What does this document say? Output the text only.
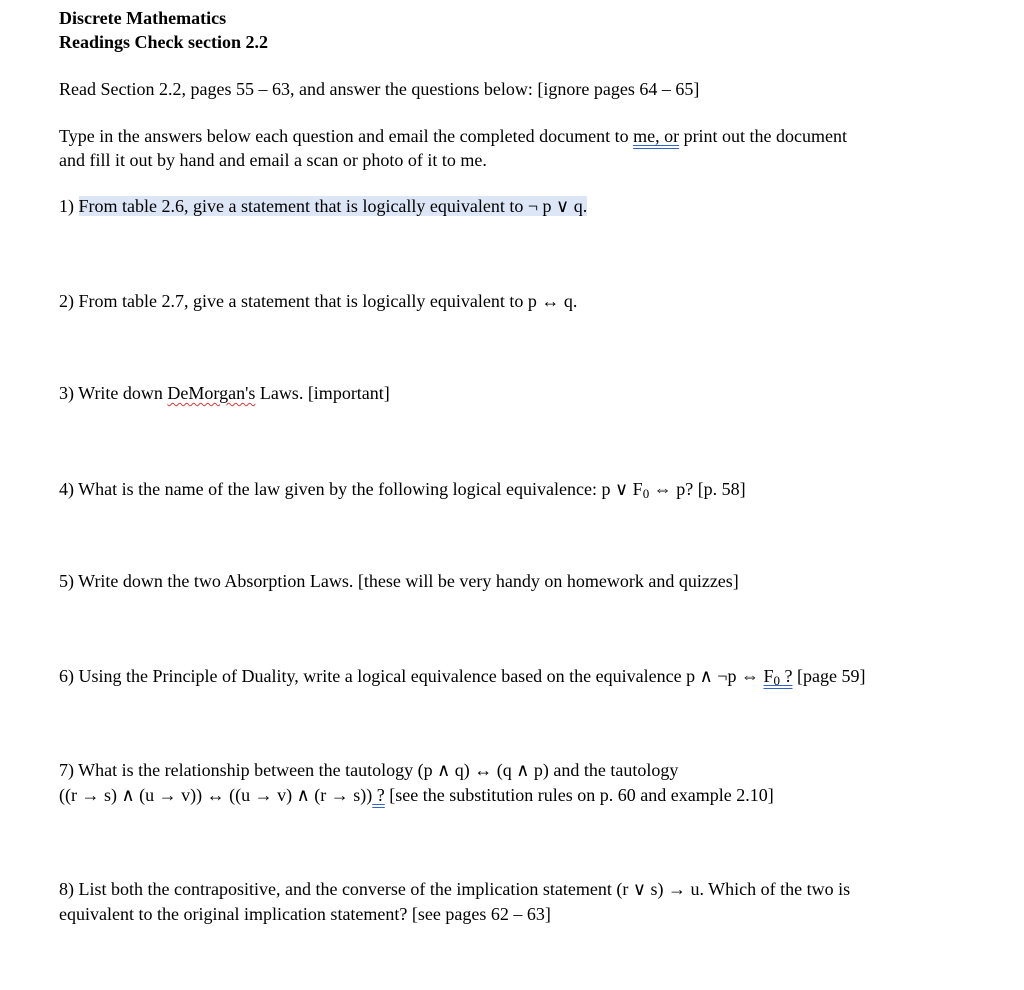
Discrete Mathematics
Readings Check section 2.2
Read Section 2.2, pages 55 – 63, and answer the questions below: [ignore pages 64 – 65]
Type in the answers below each question and email the completed document to me, or print out the document
and fill it out by hand and email a scan or photo of it to me.
1) From table 2.6, give a statement that is logically equivalent to ¬ p ∨ q.
2) From table 2.7, give a statement that is logically equivalent to p ↔ q.
3) Write down DeMorgan's Laws. [important]
4) What is the name of the law given by the following logical equivalence: p ∨ F0 ⇔ p? [p. 58]
5) Write down the two Absorption Laws. [these will be very handy on homework and quizzes]
6) Using the Principle of Duality, write a logical equivalence based on the equivalence p ∧ ¬p ⇔ F0 ? [page 59]
7) What is the relationship between the tautology (p ∧ q) ↔ (q ∧ p) and the tautology
((r → s) ∧ (u → v)) ↔ ((u → v) ∧ (r → s)) ? [see the substitution rules on p. 60 and example 2.10]
8) List both the contrapositive, and the converse of the implication statement (r ∨ s) → u. Which of the two is
equivalent to the original implication statement? [see pages 62 – 63]
